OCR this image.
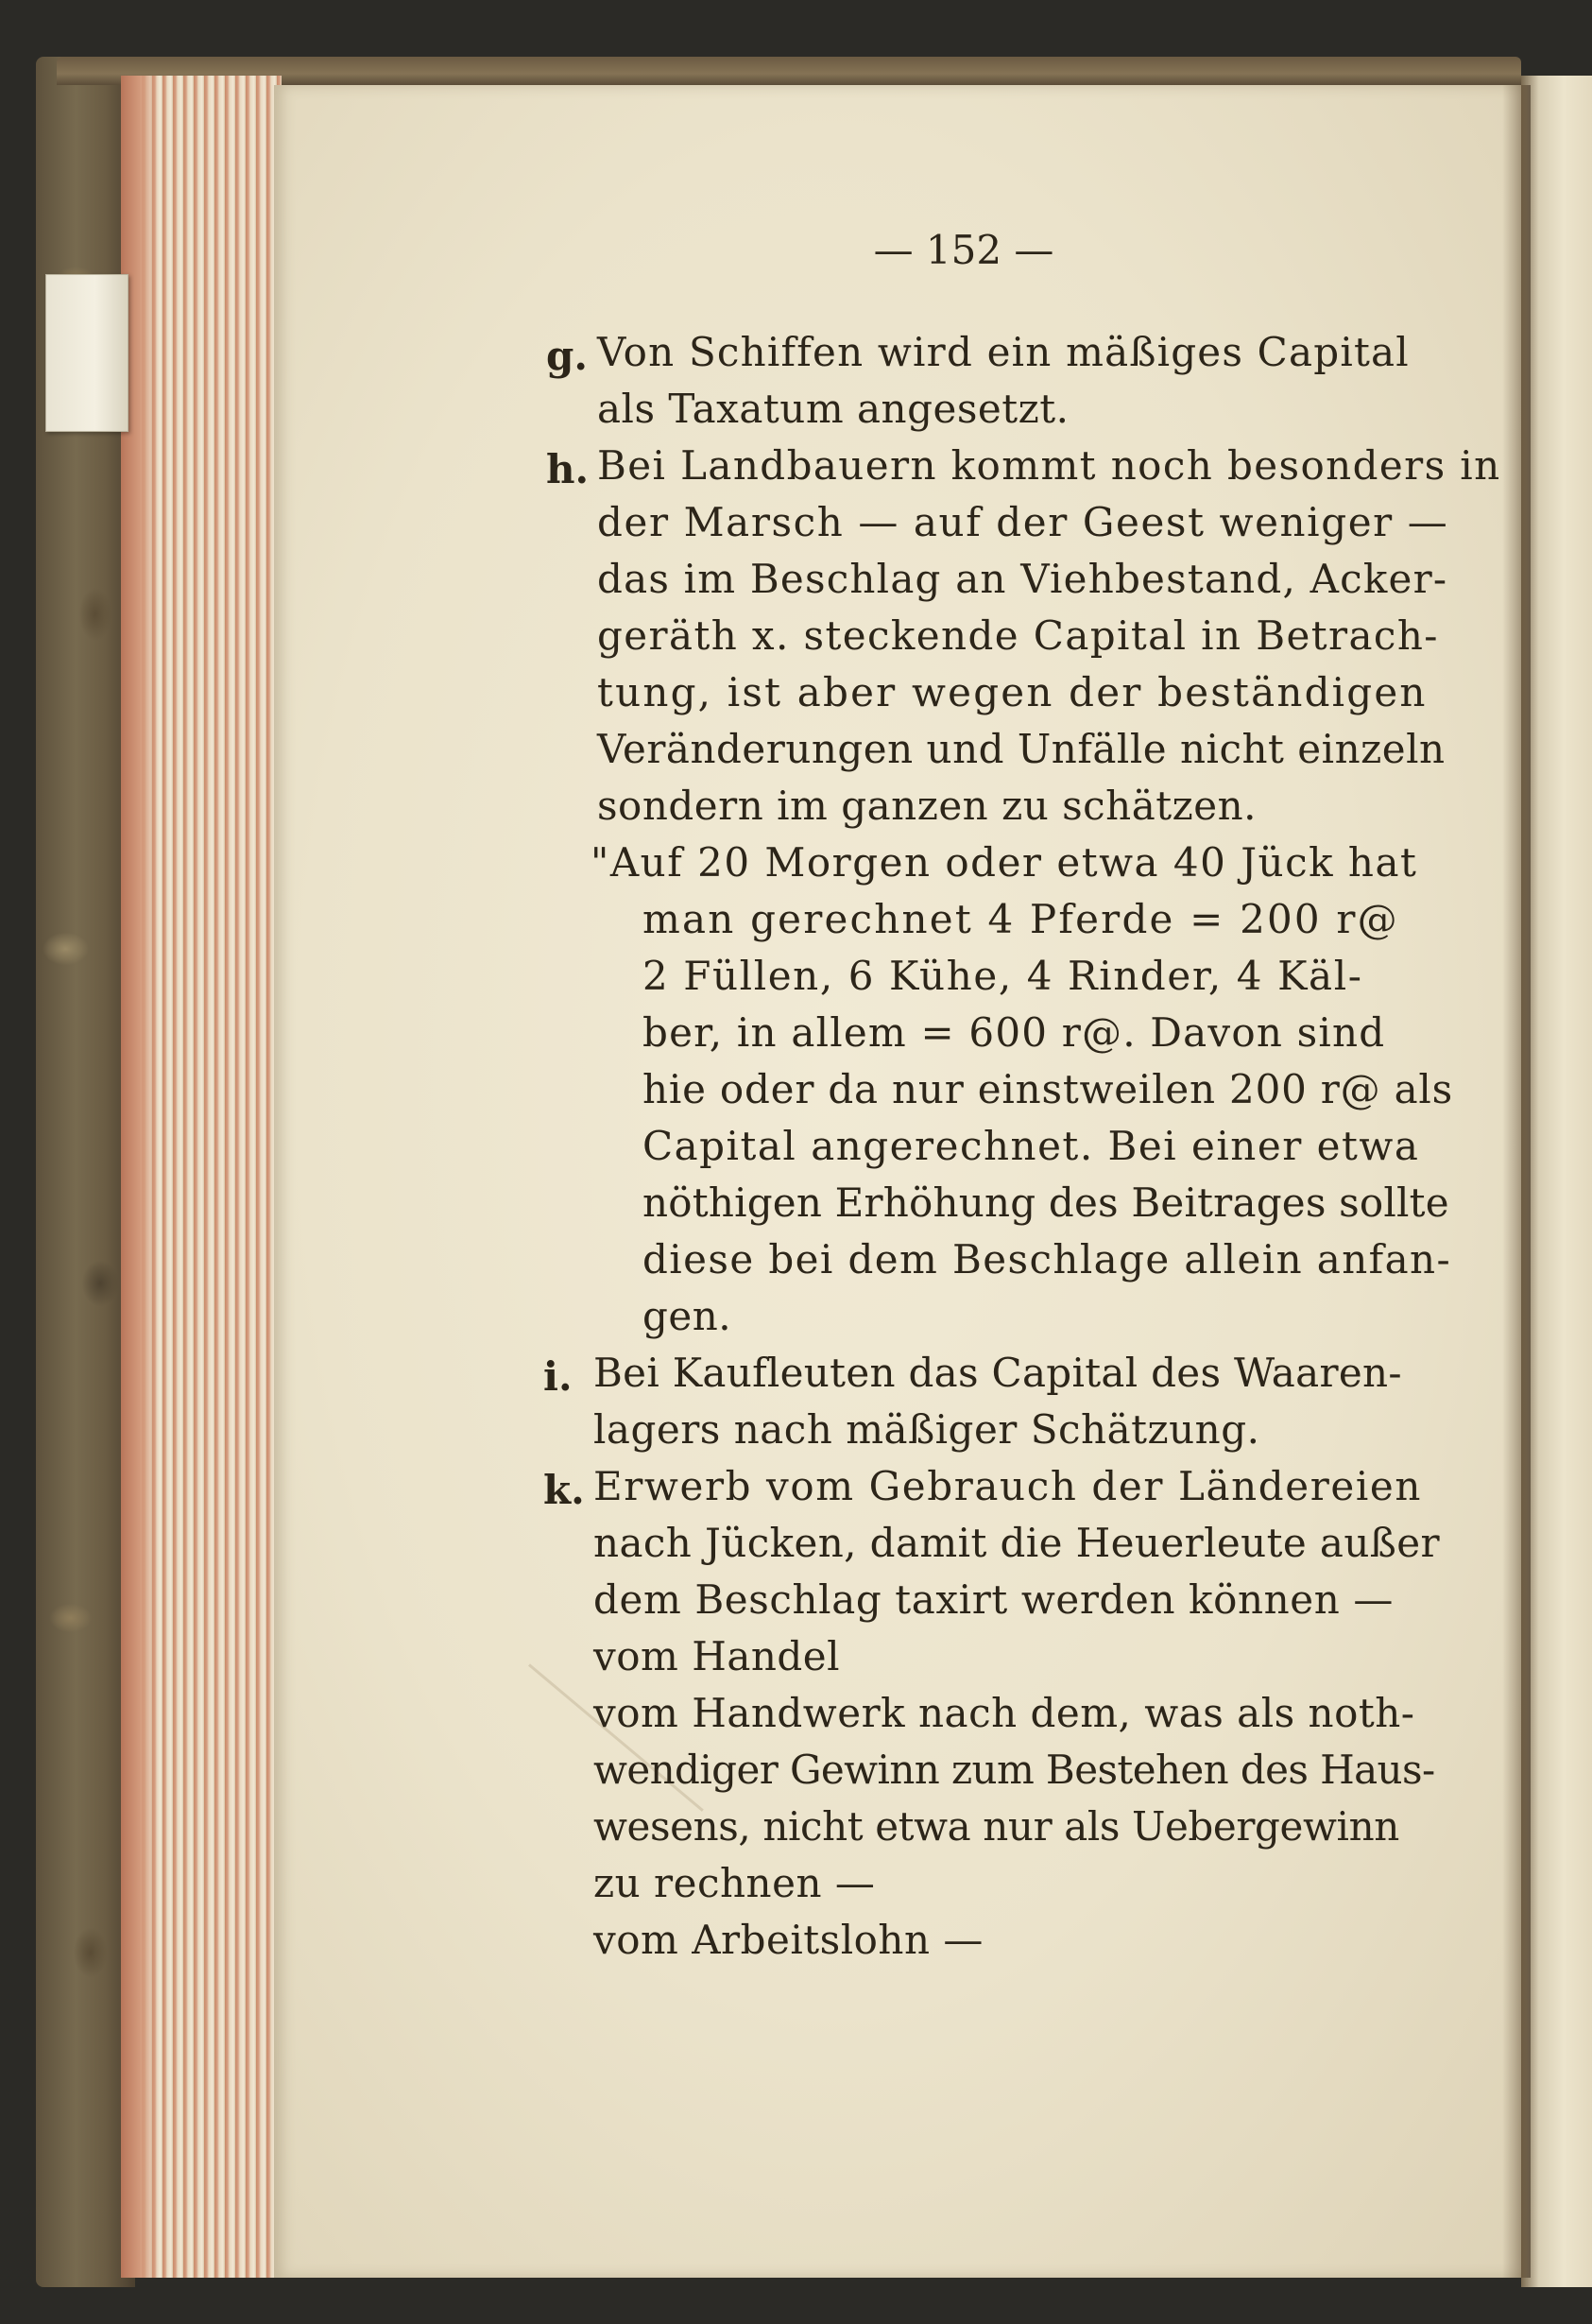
— 152 —
g. Von Schiffen wird ein mäßiges Capital
als Taxatum angesetzt.
h. Bei Landbauern kommt noch besonders in
der Marsch — auf der Geest weniger —
das im Beschlag an Viehbestand, Acker-
geräth x. steckende Capital in Betrach-
tung, ist aber wegen der beständigen
Veränderungen und Unfälle nicht einzeln
sondern im ganzen zu schätzen.
"Auf 20 Morgen oder etwa 40 Jück hat
man gerechnet 4 Pferde = 200 r@
2 Füllen, 6 Kühe, 4 Rinder, 4 Käl-
ber, in allem = 600 r@. Davon sind
hie oder da nur einstweilen 200 r@ als
Capital angerechnet. Bei einer etwa
nöthigen Erhöhung des Beitrages sollte
diese bei dem Beschlage allein anfan-
gen.
i. Bei Kaufleuten das Capital des Waaren-
lagers nach mäßiger Schätzung.
k. Erwerb vom Gebrauch der Ländereien
nach Jücken, damit die Heuerleute außer
dem Beschlag taxirt werden können —
vom Handel
vom Handwerk nach dem, was als noth-
wendiger Gewinn zum Bestehen des Haus-
wesens, nicht etwa nur als Uebergewinn
zu rechnen —
vom Arbeitslohn —
